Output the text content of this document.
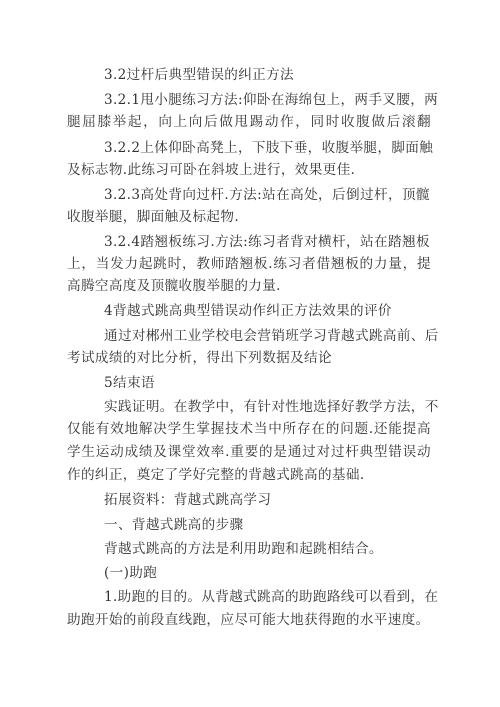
3.2过杆后典型错误的纠正方法
3.2.1甩小腿练习方法:仰卧在海绵包上，两手叉腰，两
腿屈膝举起，向上向后做甩踢动作，同时收腹做后滚翻
3.2.2上体仰卧高凳上，下肢下垂，收腹举腿，脚面触
及标志物.此练习可卧在斜坡上进行，效果更佳.
3.2.3高处背向过杆.方法:站在高处，后倒过杆，顶髋
收腹举腿，脚面触及标起物.
3.2.4踏翘板练习.方法:练习者背对横杆，站在踏翘板
上，当发力起跳时，教师踏翘板.练习者借翘板的力量，提
高腾空高度及顶髋收腹举腿的力量.
4背越式跳高典型错误动作纠正方法效果的评价
通过对郴州工业学校电会营销班学习背越式跳高前、后
考试成绩的对比分析，得出下列数据及结论
5结束语
实践证明。在教学中，有针对性地选择好教学方法，不
仅能有效地解决学生掌握技术当中所存在的问题.还能提高
学生运动成绩及课堂效率.重要的是通过对过杆典型错误动
作的纠正，奠定了学好完整的背越式跳高的基础.
拓展资料：背越式跳高学习
一、背越式跳高的步骤
背越式跳高的方法是利用助跑和起跳相结合。
(一)助跑
1.助跑的目的。从背越式跳高的助跑路线可以看到，在
助跑开始的前段直线跑，应尽可能大地获得跑的水平速度。
